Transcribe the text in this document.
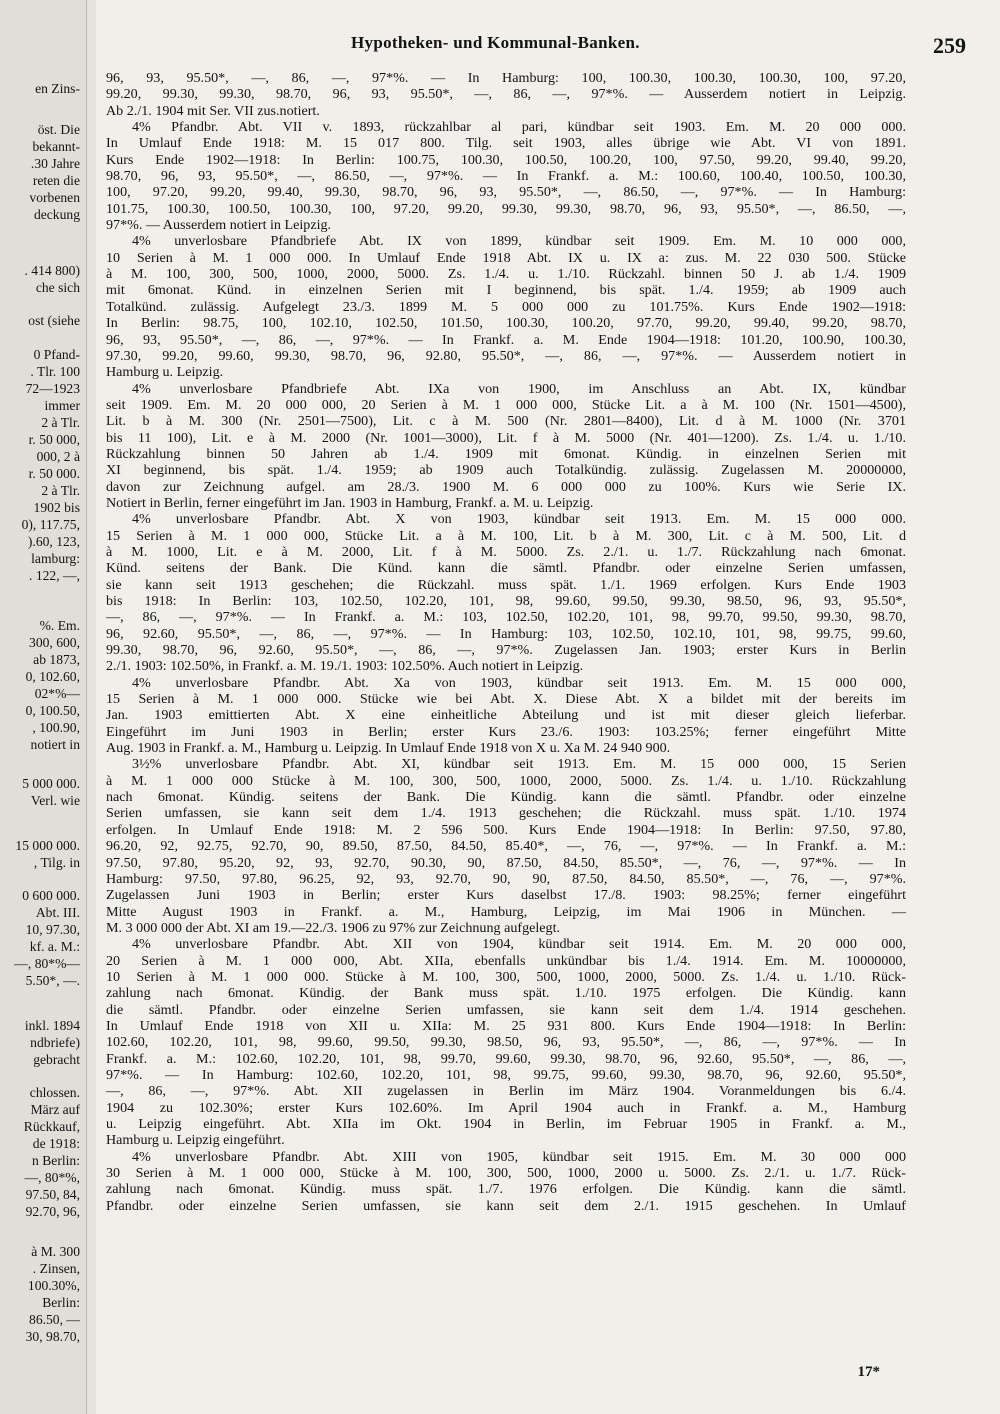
en Zins-
öst. Die
bekannt-
.30 Jahre
reten die
vorbenen
deckung
. 414 800)
che sich
ost (siehe
0 Pfand-
. Tlr. 100
72—1923
immer
2 à Tlr.
r. 50 000,
000, 2 à
r. 50 000.
2 à Tlr.
1902 bis
0), 117.75,
).60, 123,
lamburg:
. 122, —,
%. Em.
300, 600,
ab 1873,
0, 102.60,
02*%—
0, 100.50,
, 100.90,
notiert in
5 000 000.
Verl. wie
15 000 000.
, Tilg. in
0 600 000.
Abt. III.
10, 97.30,
kf. a. M.:
—, 80*%—
5.50*, —.
inkl. 1894
ndbriefe)
gebracht
chlossen.
März auf
Rückkauf,
de 1918:
n Berlin:
—, 80*%,
97.50, 84,
92.70, 96,
à M. 300
. Zinsen,
100.30%,
Berlin:
86.50, —
30, 98.70,
Hypotheken- und Kommunal-Banken.	259
96, 93, 95.50*, —, 86, —, 97*%. — In Hamburg: 100, 100.30, 100.30, 100.30, 100, 97.20,
99.20, 99.30, 99.30, 98.70, 96, 93, 95.50*, —, 86, —, 97*%. — Ausserdem notiert in Leipzig.
Ab 2./1. 1904 mit Ser. VII zus.notiert.
4% Pfandbr. Abt. VII v. 1893, rückzahlbar al pari, kündbar seit 1903. Em. M. 20 000 000.
In Umlauf Ende 1918: M. 15 017 800. Tilg. seit 1903, alles übrige wie Abt. VI von 1891.
Kurs Ende 1902—1918: In Berlin: 100.75, 100.30, 100.50, 100.20, 100, 97.50, 99.20, 99.40, 99.20,
98.70, 96, 93, 95.50*, —, 86.50, —, 97*%. — In Frankf. a. M.: 100.60, 100.40, 100.50, 100.30,
100, 97.20, 99.20, 99.40, 99.30, 98.70, 96, 93, 95.50*, —, 86.50, —, 97*%. — In Hamburg:
101.75, 100.30, 100.50, 100.30, 100, 97.20, 99.20, 99.30, 99.30, 98.70, 96, 93, 95.50*, —, 86.50, —,
97*%. — Ausserdem notiert in Leipzig.
4% unverlosbare Pfandbriefe Abt. IX von 1899, kündbar seit 1909. Em. M. 10 000 000,
10 Serien à M. 1 000 000. In Umlauf Ende 1918 Abt. IX u. IX a: zus. M. 22 030 500. Stücke
à M. 100, 300, 500, 1000, 2000, 5000. Zs. 1./4. u. 1./10. Rückzahl. binnen 50 J. ab 1./4. 1909
mit 6monat. Künd. in einzelnen Serien mit I beginnend, bis spät. 1./4. 1959; ab 1909 auch
Totalkünd. zulässig. Aufgelegt 23./3. 1899 M. 5 000 000 zu 101.75%. Kurs Ende 1902—1918:
In Berlin: 98.75, 100, 102.10, 102.50, 101.50, 100.30, 100.20, 97.70, 99.20, 99.40, 99.20, 98.70,
96, 93, 95.50*, —, 86, —, 97*%. — In Frankf. a. M. Ende 1904—1918: 101.20, 100.90, 100.30,
97.30, 99.20, 99.60, 99.30, 98.70, 96, 92.80, 95.50*, —, 86, —, 97*%. — Ausserdem notiert in
Hamburg u. Leipzig.
4% unverlosbare Pfandbriefe Abt. IXa von 1900, im Anschluss an Abt. IX, kündbar
seit 1909. Em. M. 20 000 000, 20 Serien à M. 1 000 000, Stücke Lit. a à M. 100 (Nr. 1501—4500),
Lit. b à M. 300 (Nr. 2501—7500), Lit. c à M. 500 (Nr. 2801—8400), Lit. d à M. 1000 (Nr. 3701
bis 11 100), Lit. e à M. 2000 (Nr. 1001—3000), Lit. f à M. 5000 (Nr. 401—1200). Zs. 1./4. u. 1./10.
Rückzahlung binnen 50 Jahren ab 1./4. 1909 mit 6monat. Kündig. in einzelnen Serien mit
XI beginnend, bis spät. 1./4. 1959; ab 1909 auch Totalkündig. zulässig. Zugelassen M. 20000000,
davon zur Zeichnung aufgel. am 28./3. 1900 M. 6 000 000 zu 100%. Kurs wie Serie IX.
Notiert in Berlin, ferner eingeführt im Jan. 1903 in Hamburg, Frankf. a. M. u. Leipzig.
4% unverlosbare Pfandbr. Abt. X von 1903, kündbar seit 1913. Em. M. 15 000 000.
15 Serien à M. 1 000 000, Stücke Lit. a à M. 100, Lit. b à M. 300, Lit. c à M. 500, Lit. d
à M. 1000, Lit. e à M. 2000, Lit. f à M. 5000. Zs. 2./1. u. 1./7. Rückzahlung nach 6monat.
Künd. seitens der Bank. Die Künd. kann die sämtl. Pfandbr. oder einzelne Serien umfassen,
sie kann seit 1913 geschehen; die Rückzahl. muss spät. 1./1. 1969 erfolgen. Kurs Ende 1903
bis 1918: In Berlin: 103, 102.50, 102.20, 101, 98, 99.60, 99.50, 99.30, 98.50, 96, 93, 95.50*,
—, 86, —, 97*%. — In Frankf. a. M.: 103, 102.50, 102.20, 101, 98, 99.70, 99.50, 99.30, 98.70,
96, 92.60, 95.50*, —, 86, —, 97*%. — In Hamburg: 103, 102.50, 102.10, 101, 98, 99.75, 99.60,
99.30, 98.70, 96, 92.60, 95.50*, —, 86, —, 97*%. Zugelassen Jan. 1903; erster Kurs in Berlin
2./1. 1903: 102.50%, in Frankf. a. M. 19./1. 1903: 102.50%. Auch notiert in Leipzig.
4% unverlosbare Pfandbr. Abt. Xa von 1903, kündbar seit 1913. Em. M. 15 000 000,
15 Serien à M. 1 000 000. Stücke wie bei Abt. X. Diese Abt. X a bildet mit der bereits im
Jan. 1903 emittierten Abt. X eine einheitliche Abteilung und ist mit dieser gleich lieferbar.
Eingeführt im Juni 1903 in Berlin; erster Kurs 23./6. 1903: 103.25%; ferner eingeführt Mitte
Aug. 1903 in Frankf. a. M., Hamburg u. Leipzig. In Umlauf Ende 1918 von X u. Xa M. 24 940 900.
3½% unverlosbare Pfandbr. Abt. XI, kündbar seit 1913. Em. M. 15 000 000, 15 Serien
à M. 1 000 000 Stücke à M. 100, 300, 500, 1000, 2000, 5000. Zs. 1./4. u. 1./10. Rückzahlung
nach 6monat. Kündig. seitens der Bank. Die Kündig. kann die sämtl. Pfandbr. oder einzelne
Serien umfassen, sie kann seit dem 1./4. 1913 geschehen; die Rückzahl. muss spät. 1./10. 1974
erfolgen. In Umlauf Ende 1918: M. 2 596 500. Kurs Ende 1904—1918: In Berlin: 97.50, 97.80,
96.20, 92, 92.75, 92.70, 90, 89.50, 87.50, 84.50, 85.40*, —, 76, —, 97*%. — In Frankf. a. M.:
97.50, 97.80, 95.20, 92, 93, 92.70, 90.30, 90, 87.50, 84.50, 85.50*, —, 76, —, 97*%. — In
Hamburg: 97.50, 97.80, 96.25, 92, 93, 92.70, 90, 90, 87.50, 84.50, 85.50*, —, 76, —, 97*%.
Zugelassen Juni 1903 in Berlin; erster Kurs daselbst 17./8. 1903: 98.25%; ferner eingeführt
Mitte August 1903 in Frankf. a. M., Hamburg, Leipzig, im Mai 1906 in München. —
M. 3 000 000 der Abt. XI am 19.—22./3. 1906 zu 97% zur Zeichnung aufgelegt.
4% unverlosbare Pfandbr. Abt. XII von 1904, kündbar seit 1914. Em. M. 20 000 000,
20 Serien à M. 1 000 000, Abt. XIIa, ebenfalls unkündbar bis 1./4. 1914. Em. M. 10000000,
10 Serien à M. 1 000 000. Stücke à M. 100, 300, 500, 1000, 2000, 5000. Zs. 1./4. u. 1./10. Rück-
zahlung nach 6monat. Kündig. der Bank muss spät. 1./10. 1975 erfolgen. Die Kündig. kann
die sämtl. Pfandbr. oder einzelne Serien umfassen, sie kann seit dem 1./4. 1914 geschehen.
In Umlauf Ende 1918 von XII u. XIIa: M. 25 931 800. Kurs Ende 1904—1918: In Berlin:
102.60, 102.20, 101, 98, 99.60, 99.50, 99.30, 98.50, 96, 93, 95.50*, —, 86, —, 97*%. — In
Frankf. a. M.: 102.60, 102.20, 101, 98, 99.70, 99.60, 99.30, 98.70, 96, 92.60, 95.50*, —, 86, —,
97*%. — In Hamburg: 102.60, 102.20, 101, 98, 99.75, 99.60, 99.30, 98.70, 96, 92.60, 95.50*,
—, 86, —, 97*%. Abt. XII zugelassen in Berlin im März 1904. Voranmeldungen bis 6./4.
1904 zu 102.30%; erster Kurs 102.60%. Im April 1904 auch in Frankf. a. M., Hamburg
u. Leipzig eingeführt. Abt. XIIa im Okt. 1904 in Berlin, im Februar 1905 in Frankf. a. M.,
Hamburg u. Leipzig eingeführt.
4% unverlosbare Pfandbr. Abt. XIII von 1905, kündbar seit 1915. Em. M. 30 000 000
30 Serien à M. 1 000 000, Stücke à M. 100, 300, 500, 1000, 2000 u. 5000. Zs. 2./1. u. 1./7. Rück-
zahlung nach 6monat. Kündig. muss spät. 1./7. 1976 erfolgen. Die Kündig. kann die sämtl.
Pfandbr. oder einzelne Serien umfassen, sie kann seit dem 2./1. 1915 geschehen. In Umlauf
17*
